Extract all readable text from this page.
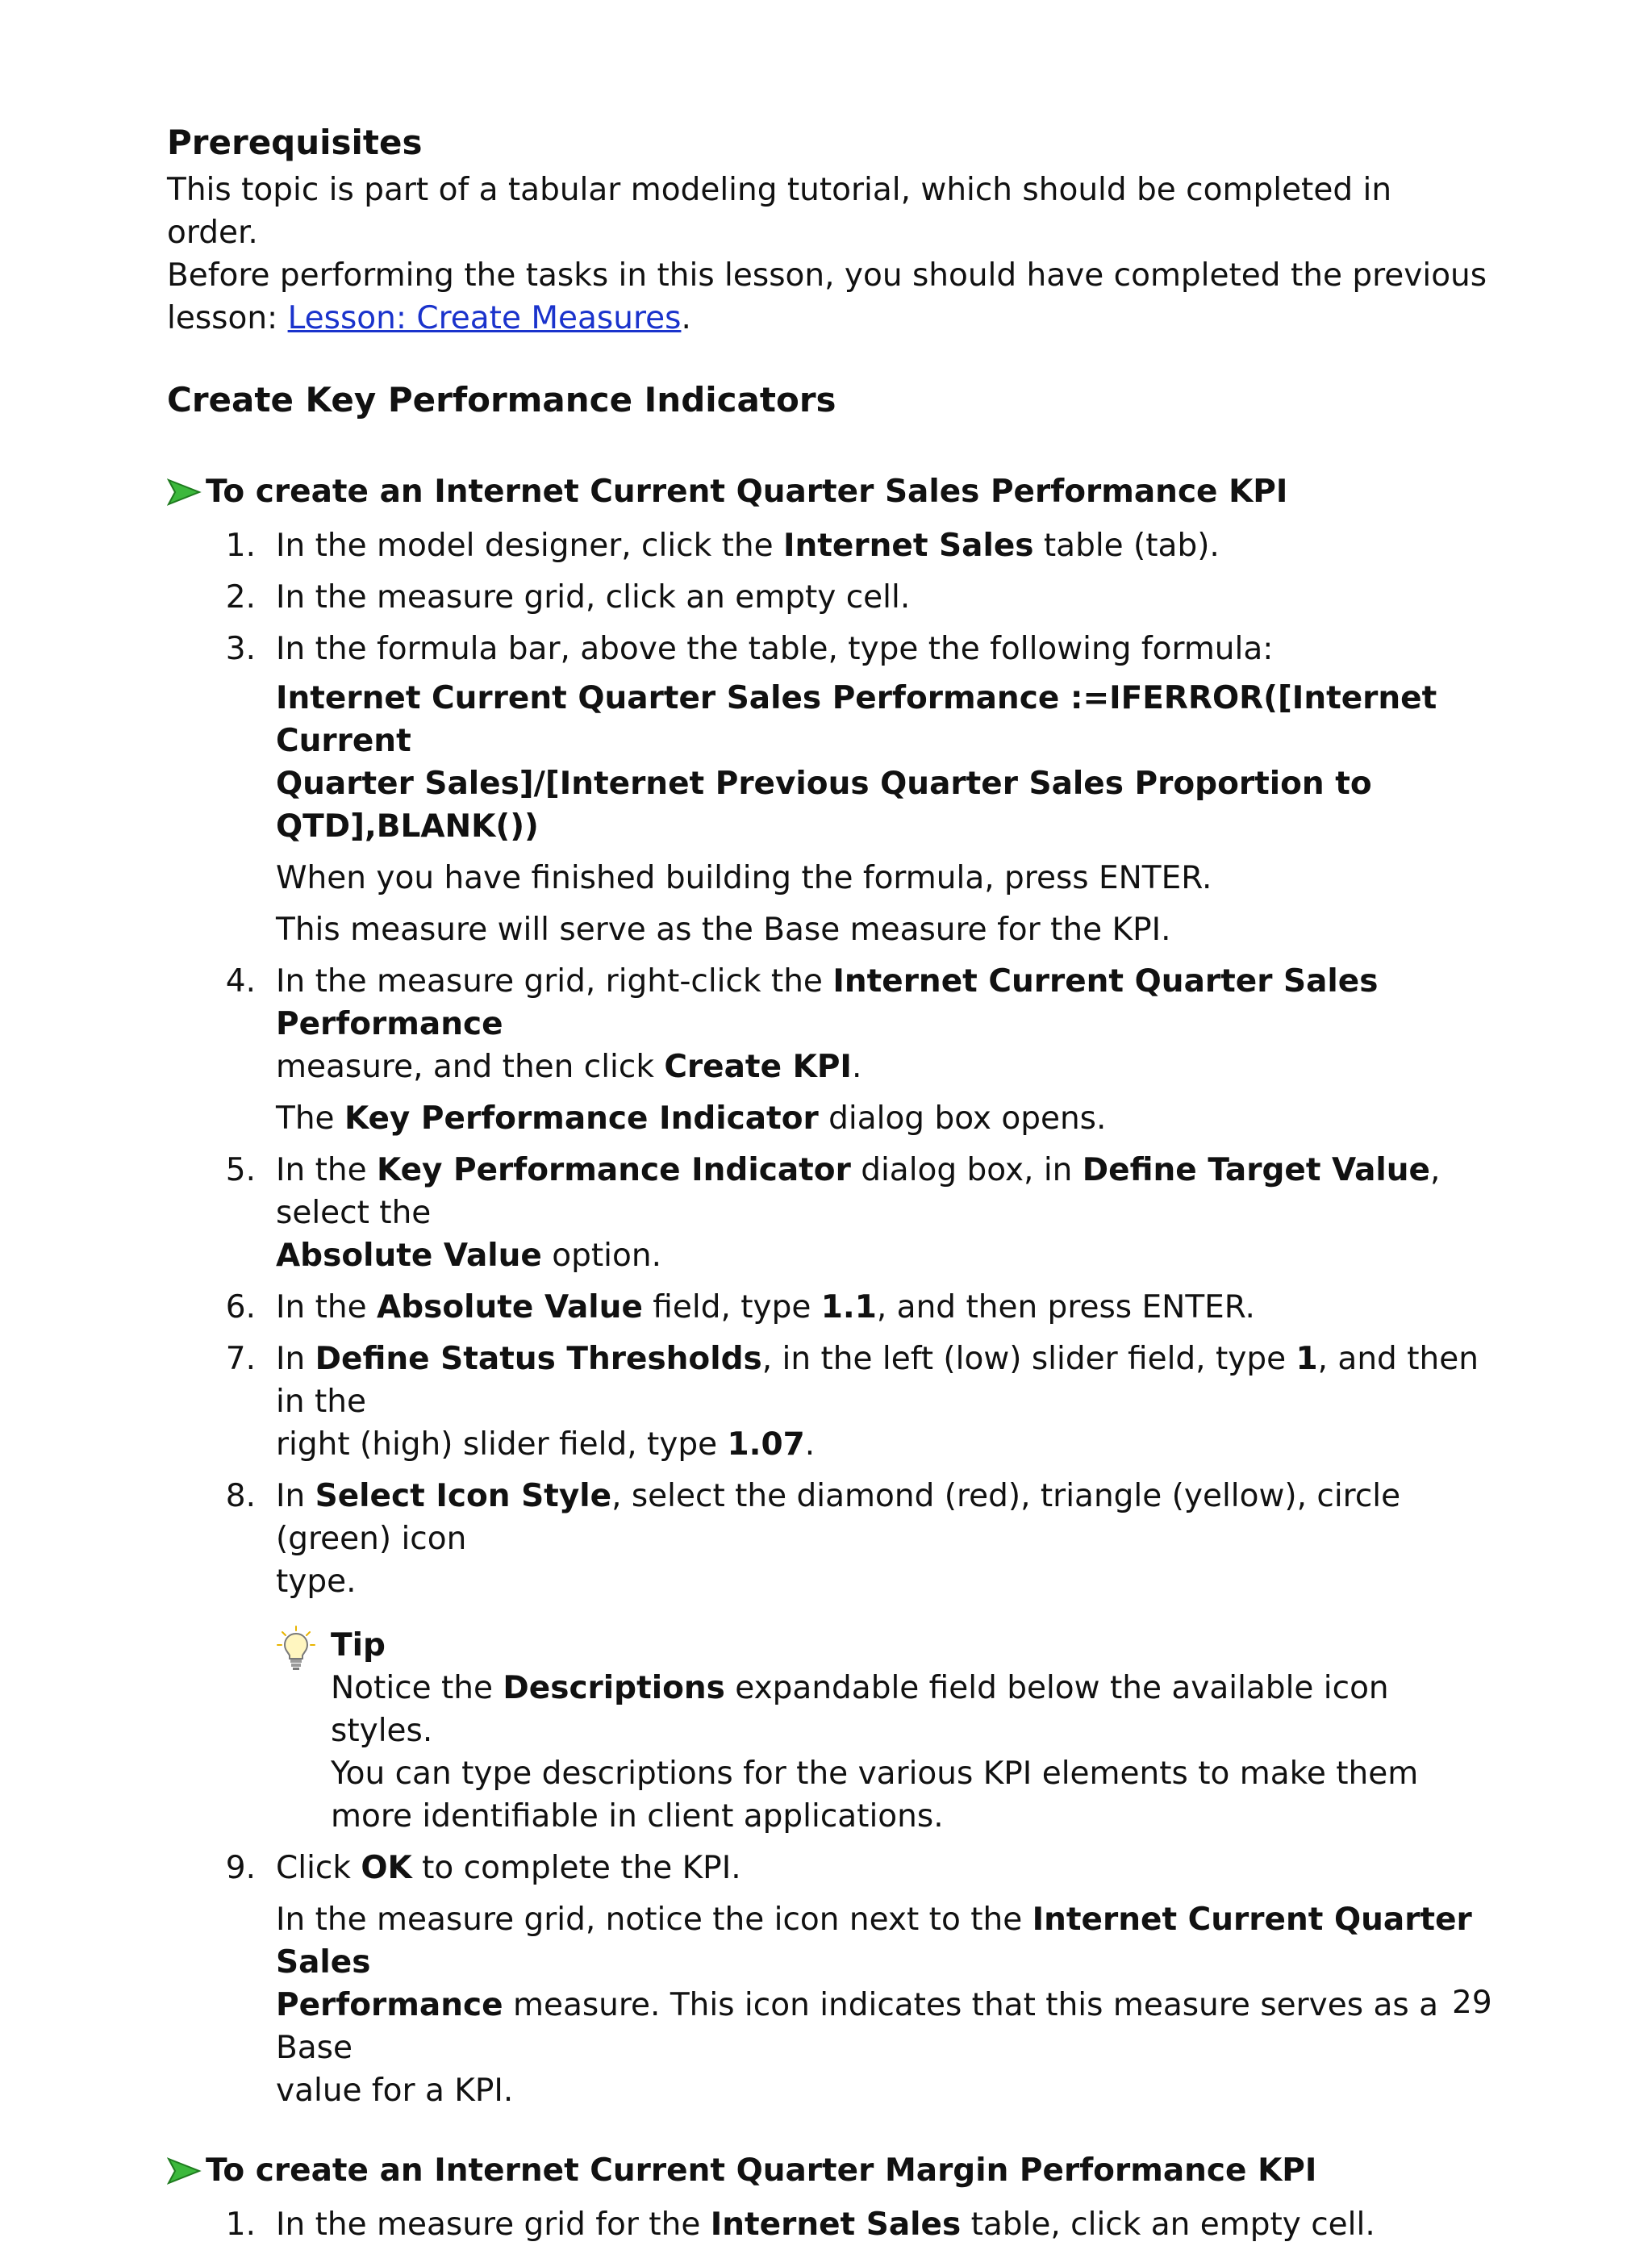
Prerequisites
This topic is part of a tabular modeling tutorial, which should be completed in order.
Before performing the tasks in this lesson, you should have completed the previous
lesson: Lesson: Create Measures.
Create Key Performance Indicators
To create an Internet Current Quarter Sales Performance KPI
1. In the model designer, click the Internet Sales table (tab).
2. In the measure grid, click an empty cell.
3. In the formula bar, above the table, type the following formula:
Internet Current Quarter Sales Performance :=IFERROR([Internet Current
Quarter Sales]/[Internet Previous Quarter Sales Proportion to
QTD],BLANK())
When you have finished building the formula, press ENTER.
This measure will serve as the Base measure for the KPI.
4. In the measure grid, right-click the Internet Current Quarter Sales Performance
measure, and then click Create KPI.
The Key Performance Indicator dialog box opens.
5. In the Key Performance Indicator dialog box, in Define Target Value, select the
Absolute Value option.
6. In the Absolute Value field, type 1.1, and then press ENTER.
7. In Define Status Thresholds, in the left (low) slider field, type 1, and then in the
right (high) slider field, type 1.07.
8. In Select Icon Style, select the diamond (red), triangle (yellow), circle (green) icon
type.
Tip
Notice the Descriptions expandable field below the available icon styles.
You can type descriptions for the various KPI elements to make them
more identifiable in client applications.
9. Click OK to complete the KPI.
In the measure grid, notice the icon next to the Internet Current Quarter Sales
Performance measure. This icon indicates that this measure serves as a Base
value for a KPI.
To create an Internet Current Quarter Margin Performance KPI
1. In the measure grid for the Internet Sales table, click an empty cell.
29
